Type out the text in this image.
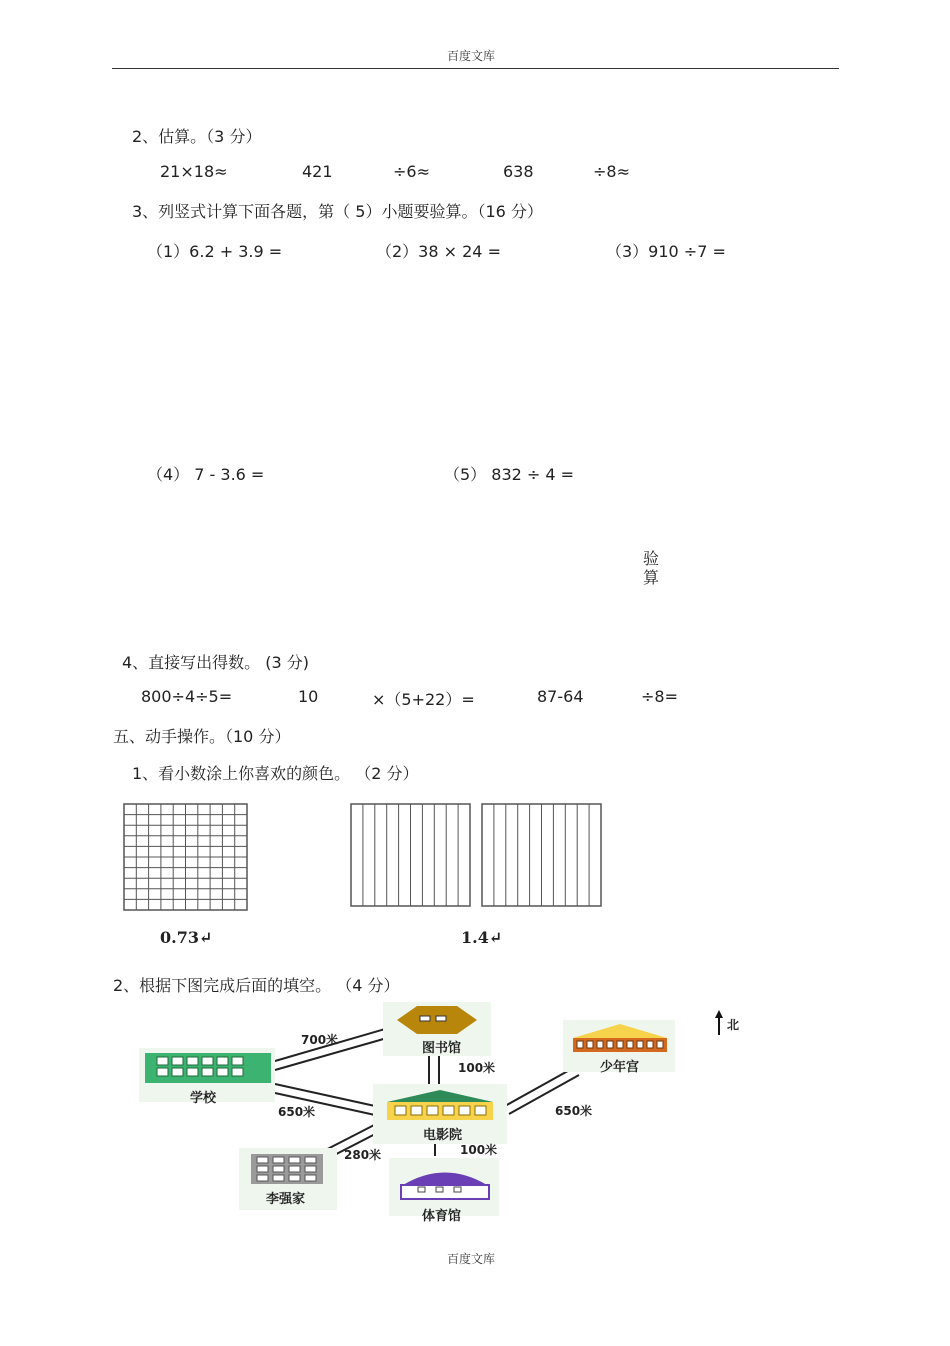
百度文库
2、估算。（3 分）
21×18≈	421	÷6≈	638	÷8≈
3、列竖式计算下面各题，第（ 5）小题要验算。（16 分）
（1）6.2 + 3.9 =	（2）38 × 24 =	（3）910 ÷7 =
（4） 7 - 3.6 =	（5） 832 ÷ 4 =
验
算
4、直接写出得数。 (3 分)
800÷4÷5=	10	×（5+22）=	87-64	÷8=
五、动手操作。（10 分）
1、看小数涂上你喜欢的颜色。 （2 分）
0.73↵	1.4↵
2、根据下图完成后面的填空。 （4 分）
图书馆
学校
少年宫
电影院
李强家
体育馆
北
700米
100米
650米	650米
280米	100米
百度文库
